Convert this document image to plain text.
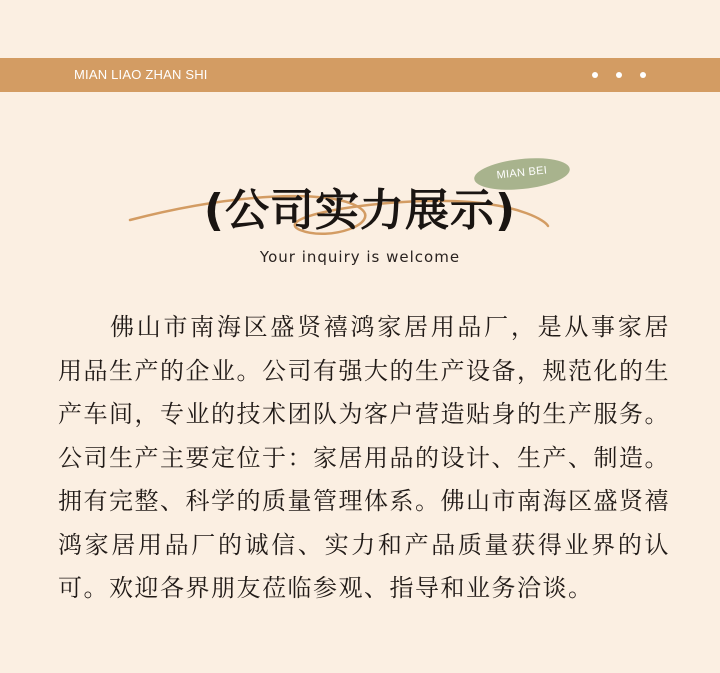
MIAN LIAO ZHAN SHI
(公司实力展示)
MIAN BEI
Your inquiry is welcome
佛山市南海区盛贤禧鸿家居用品厂，是从事家居用品生产的企业。公司有强大的生产设备，规范化的生产车间，专业的技术团队为客户营造贴身的生产服务。公司生产主要定位于：家居用品的设计、生产、制造。拥有完整、科学的质量管理体系。佛山市南海区盛贤禧鸿家居用品厂的诚信、实力和产品质量获得业界的认可。欢迎各界朋友莅临参观、指导和业务洽谈。
